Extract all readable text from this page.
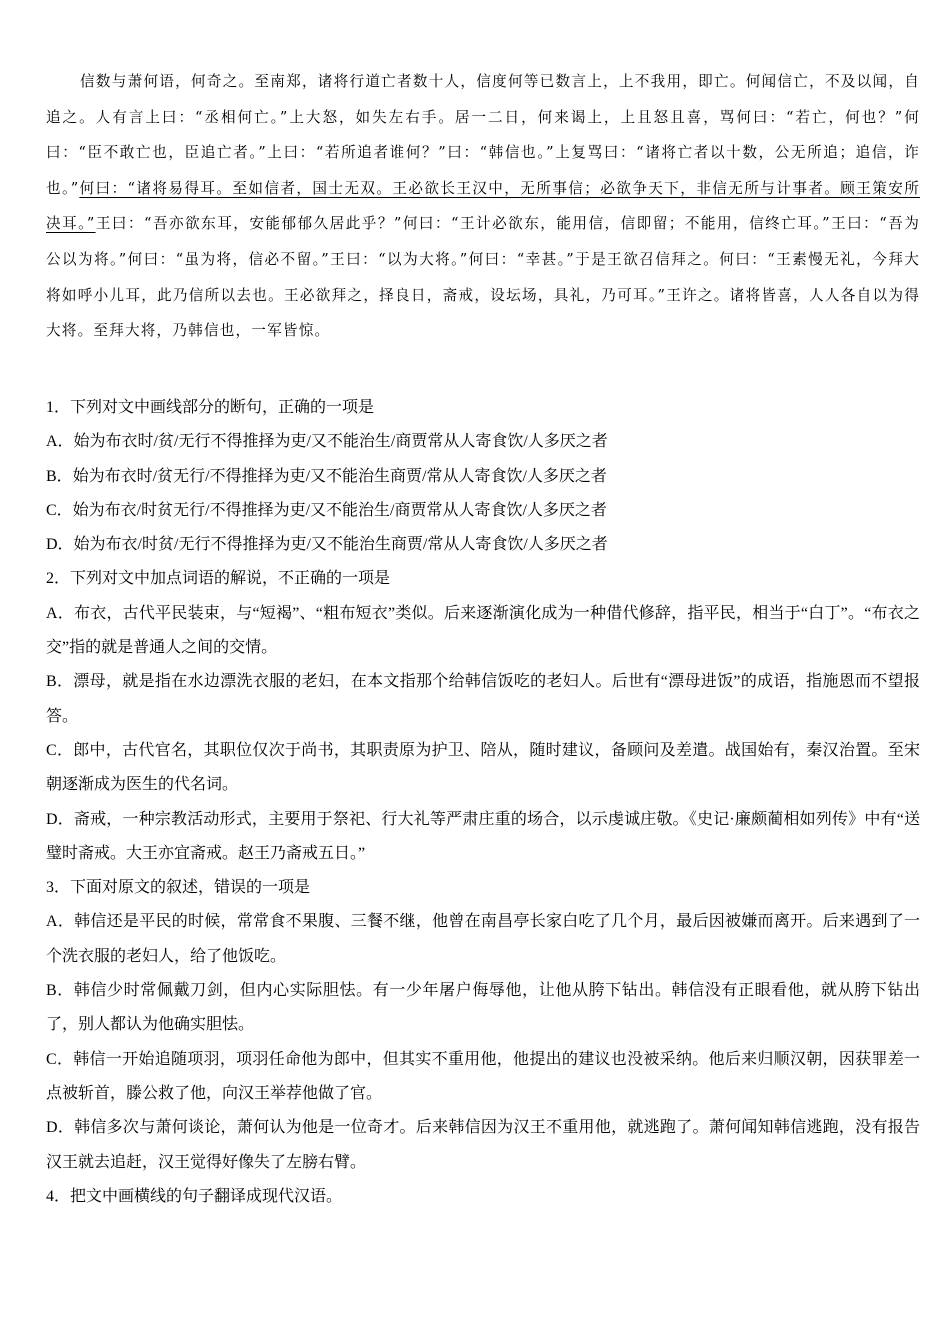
信数与萧何语，何奇之。至南郑，诸将行道亡者数十人，信度何等已数言上，上不我用，即亡。何闻信亡，不及以闻，自追之。人有言上曰：“丞相何亡。”上大怒，如失左右手。居一二日，何来谒上，上且怒且喜，骂何曰：“若亡，何也？”何曰：“臣不敢亡也，臣追亡者。”上曰：“若所追者谁何？”曰：“韩信也。”上复骂曰：“诸将亡者以十数，公无所追；追信，诈也。”何曰：“诸将易得耳。至如信者，国士无双。王必欲长王汉中，无所事信；必欲争天下，非信无所与计事者。顾王策安所决耳。”王曰：“吾亦欲东耳，安能郁郁久居此乎？”何曰：“王计必欲东，能用信，信即留；不能用，信终亡耳。”王曰：“吾为公以为将。”何曰：“虽为将，信必不留。”王曰：“以为大将。”何曰：“幸甚。”于是王欲召信拜之。何曰：“王素慢无礼，今拜大将如呼小儿耳，此乃信所以去也。王必欲拜之，择良日，斋戒，设坛场，具礼，乃可耳。”王许之。诸将皆喜，人人各自以为得大将。至拜大将，乃韩信也，一军皆惊。

1．下列对文中画线部分的断句，正确的一项是

A．始为布衣时/贫/无行不得推择为吏/又不能治生/商贾常从人寄食饮/人多厌之者

B．始为布衣时/贫无行/不得推择为吏/又不能治生商贾/常从人寄食饮/人多厌之者

C．始为布衣/时贫无行/不得推择为吏/又不能治生/商贾常从人寄食饮/人多厌之者

D．始为布衣/时贫/无行不得推择为吏/又不能治生商贾/常从人寄食饮/人多厌之者

2．下列对文中加点词语的解说，不正确的一项是

A．布衣，古代平民装束，与“短褐”、“粗布短衣”类似。后来逐渐演化成为一种借代修辞，指平民，相当于“白丁”。“布衣之交”指的就是普通人之间的交情。

B．漂母，就是指在水边漂洗衣服的老妇，在本文指那个给韩信饭吃的老妇人。后世有“漂母进饭”的成语，指施恩而不望报答。

C．郎中，古代官名，其职位仅次于尚书，其职责原为护卫、陪从，随时建议，备顾问及差遣。战国始有，秦汉治置。至宋朝逐渐成为医生的代名词。

D．斋戒，一种宗教活动形式，主要用于祭祀、行大礼等严肃庄重的场合，以示虔诚庄敬。《史记·廉颇蔺相如列传》中有“送璧时斋戒。大王亦宜斋戒。赵王乃斋戒五日。”

3．下面对原文的叙述，错误的一项是

A．韩信还是平民的时候，常常食不果腹、三餐不继，他曾在南昌亭长家白吃了几个月，最后因被嫌而离开。后来遇到了一个洗衣服的老妇人，给了他饭吃。

B．韩信少时常佩戴刀剑，但内心实际胆怯。有一少年屠户侮辱他，让他从胯下钻出。韩信没有正眼看他，就从胯下钻出了，别人都认为他确实胆怯。

C．韩信一开始追随项羽，项羽任命他为郎中，但其实不重用他，他提出的建议也没被采纳。他后来归顺汉朝，因获罪差一点被斩首，滕公救了他，向汉王举荐他做了官。

D．韩信多次与萧何谈论，萧何认为他是一位奇才。后来韩信因为汉王不重用他，就逃跑了。萧何闻知韩信逃跑，没有报告汉王就去追赶，汉王觉得好像失了左膀右臂。

4．把文中画横线的句子翻译成现代汉语。
